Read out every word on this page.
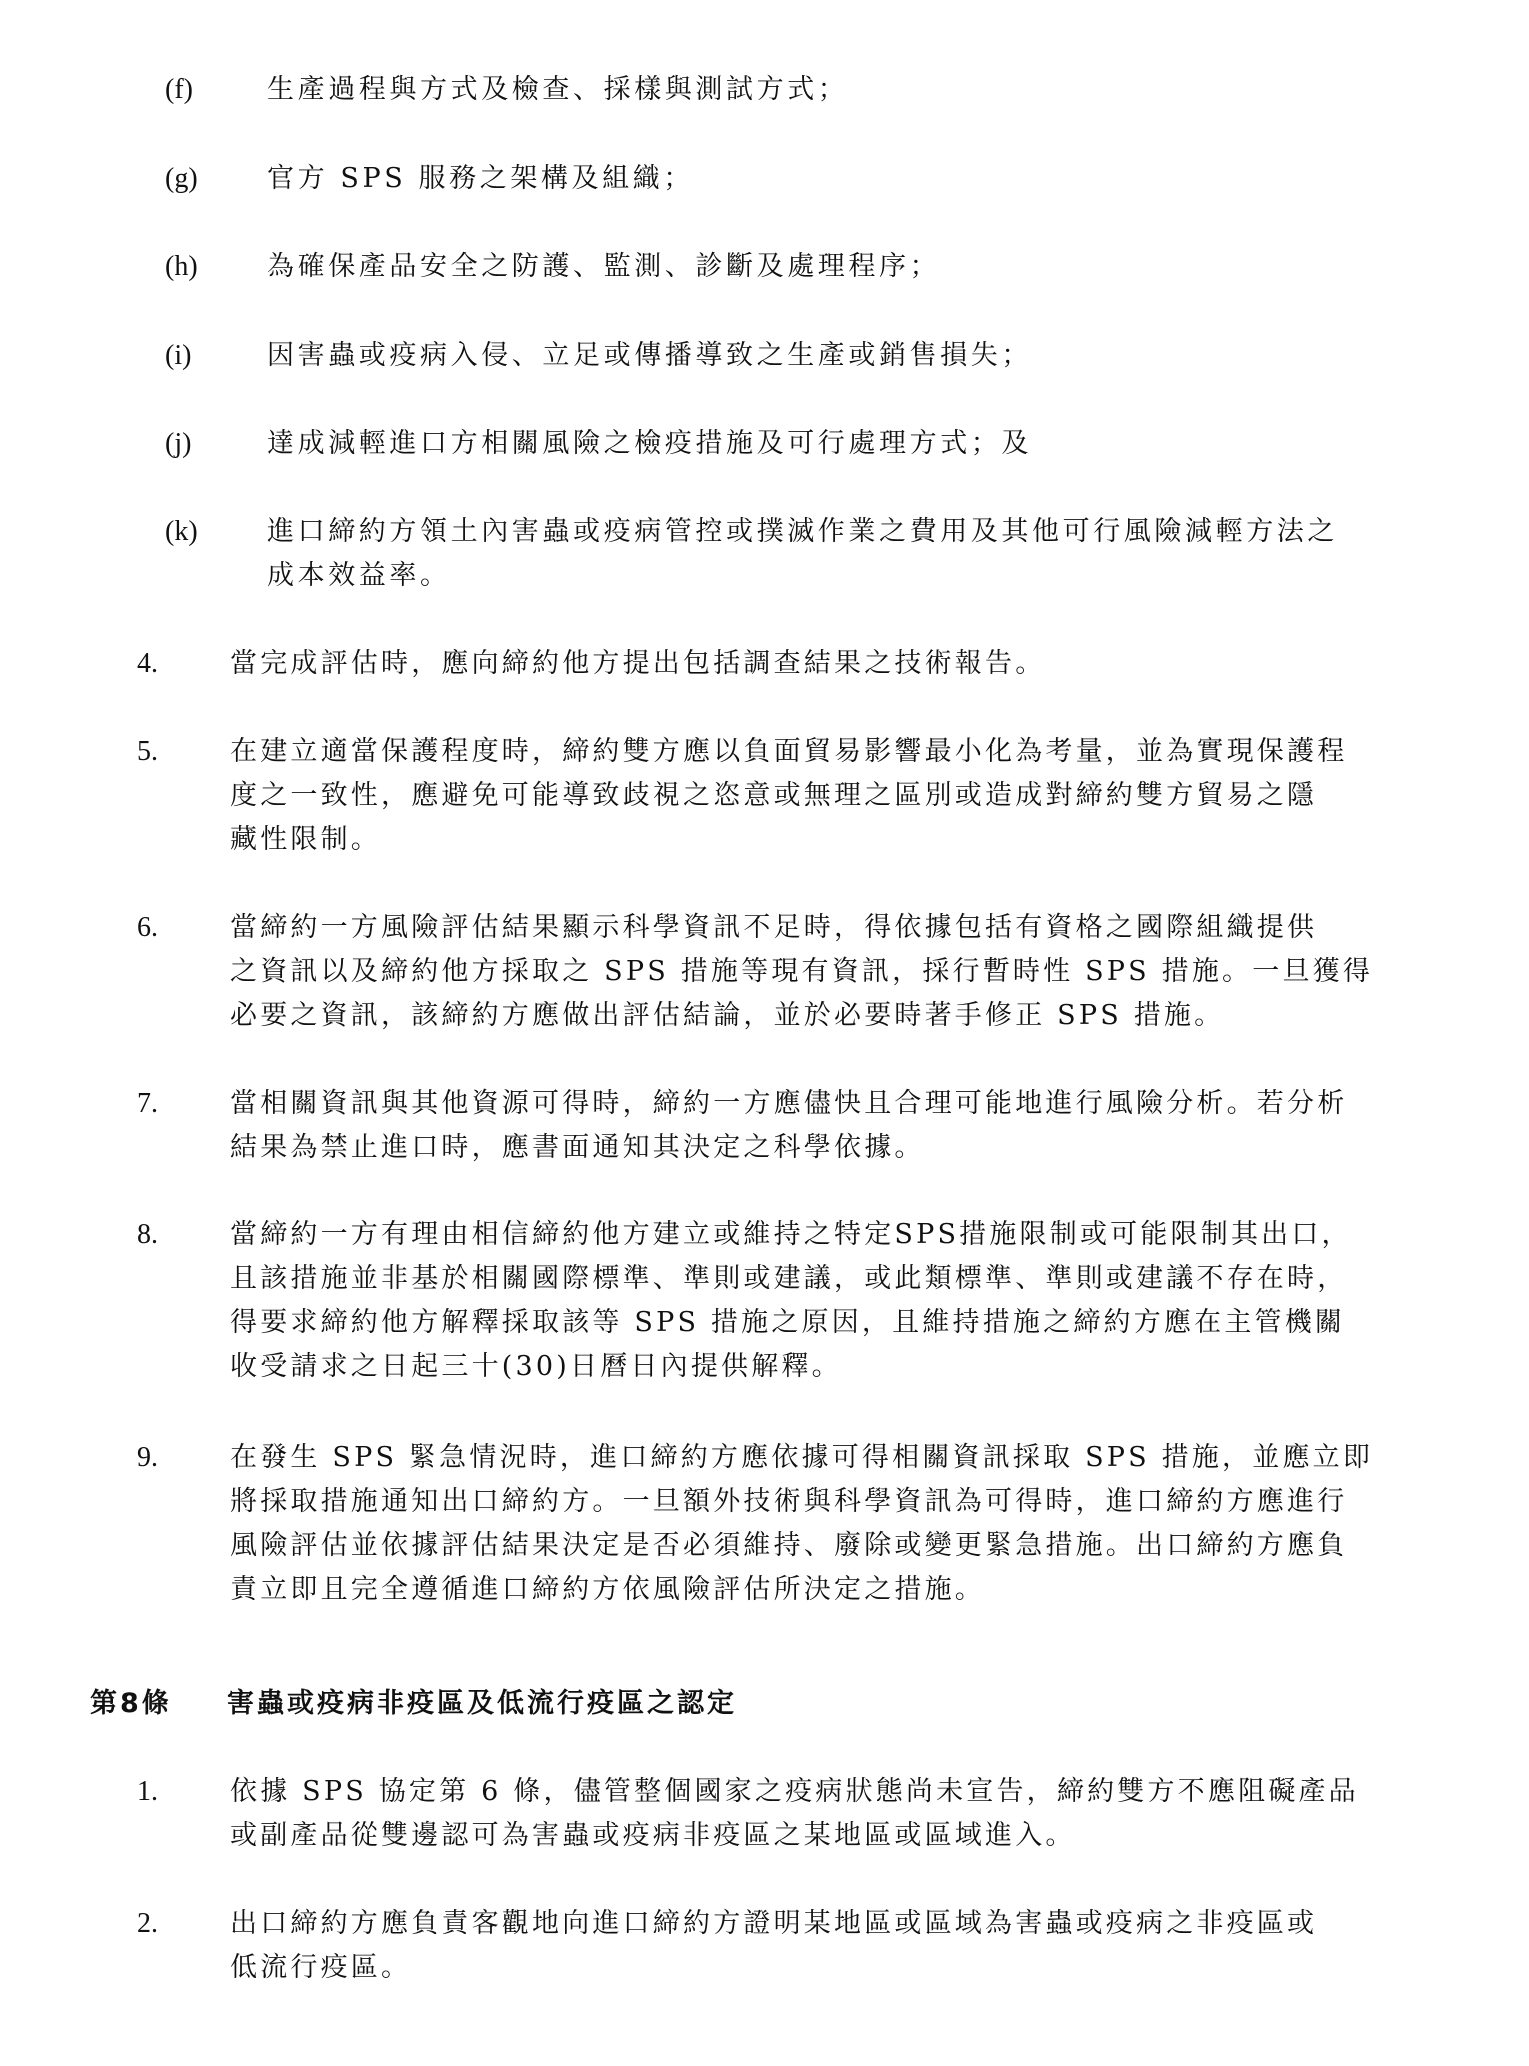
(f)	生產過程與方式及檢查、採樣與測試方式；
(g)	官方 SPS 服務之架構及組織；
(h)	為確保產品安全之防護、監測、診斷及處理程序；
(i)	因害蟲或疫病入侵、立足或傳播導致之生產或銷售損失；
(j)	達成減輕進口方相關風險之檢疫措施及可行處理方式；及
(k)	進口締約方領土內害蟲或疫病管控或撲滅作業之費用及其他可行風險減輕方法之
成本效益率。
4.	當完成評估時，應向締約他方提出包括調查結果之技術報告。
5.	在建立適當保護程度時，締約雙方應以負面貿易影響最小化為考量，並為實現保護程
度之一致性，應避免可能導致歧視之恣意或無理之區別或造成對締約雙方貿易之隱
藏性限制。
6.	當締約一方風險評估結果顯示科學資訊不足時，得依據包括有資格之國際組織提供
之資訊以及締約他方採取之 SPS 措施等現有資訊，採行暫時性 SPS 措施。一旦獲得
必要之資訊，該締約方應做出評估結論，並於必要時著手修正 SPS 措施。
7.	當相關資訊與其他資源可得時，締約一方應儘快且合理可能地進行風險分析。若分析
結果為禁止進口時，應書面通知其決定之科學依據。
8.	當締約一方有理由相信締約他方建立或維持之特定SPS措施限制或可能限制其出口，
且該措施並非基於相關國際標準、準則或建議，或此類標準、準則或建議不存在時，
得要求締約他方解釋採取該等 SPS 措施之原因，且維持措施之締約方應在主管機關
收受請求之日起三十(30)日曆日內提供解釋。
9.	在發生 SPS 緊急情況時，進口締約方應依據可得相關資訊採取 SPS 措施，並應立即
將採取措施通知出口締約方。一旦額外技術與科學資訊為可得時，進口締約方應進行
風險評估並依據評估結果決定是否必須維持、廢除或變更緊急措施。出口締約方應負
責立即且完全遵循進口締約方依風險評估所決定之措施。
第8條	害蟲或疫病非疫區及低流行疫區之認定
1.	依據 SPS 協定第 6 條，儘管整個國家之疫病狀態尚未宣告，締約雙方不應阻礙產品
或副產品從雙邊認可為害蟲或疫病非疫區之某地區或區域進入。
2.	出口締約方應負責客觀地向進口締約方證明某地區或區域為害蟲或疫病之非疫區或
低流行疫區。
